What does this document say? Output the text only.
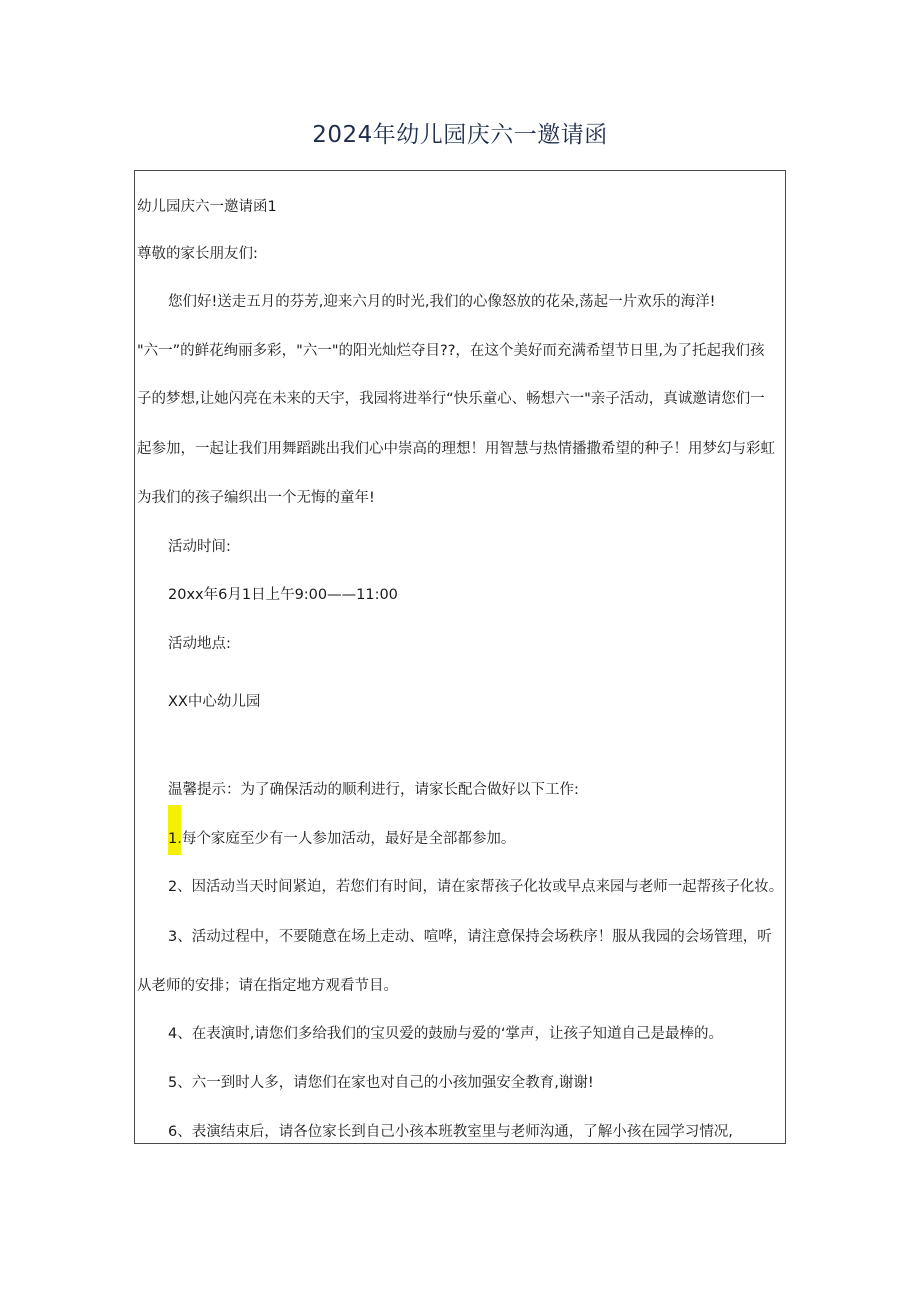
2024年幼儿园庆六一邀请函
幼儿园庆六一邀请函1
尊敬的家长朋友们:
您们好!送走五月的芬芳,迎来六月的时光,我们的心像怒放的花朵,荡起一片欢乐的海洋!
"六一”的鲜花绚丽多彩，"六一"的阳光灿烂夺目??，在这个美好而充满希望节日里,为了托起我们孩
子的梦想,让她闪亮在未来的天宇，我园将进举行“快乐童心、畅想六一"亲子活动，真诚邀请您们一
起参加，一起让我们用舞蹈跳出我们心中崇高的理想！用智慧与热情播撒希望的种子！用梦幻与彩虹
为我们的孩子编织出一个无悔的童年!
活动时间:
20xx年6月1日上午9:00——11:00
活动地点:
XX中心幼儿园
温馨提示：为了确保活动的顺利进行，请家长配合做好以下工作:
1.每个家庭至少有一人参加活动，最好是全部都参加。
2、因活动当天时间紧迫，若您们有时间，请在家帮孩子化妆或早点来园与老师一起帮孩子化妆。
3、活动过程中，不要随意在场上走动、喧哗，请注意保持会场秩序！服从我园的会场管理，听
从老师的安排；请在指定地方观看节目。
4、在表演时,请您们多给我们的宝贝爱的鼓励与爱的‘掌声，让孩子知道自己是最棒的。
5、六一到时人多，请您们在家也对自己的小孩加强安全教育,谢谢!
6、表演结束后，请各位家长到自己小孩本班教室里与老师沟通，了解小孩在园学习情况,
